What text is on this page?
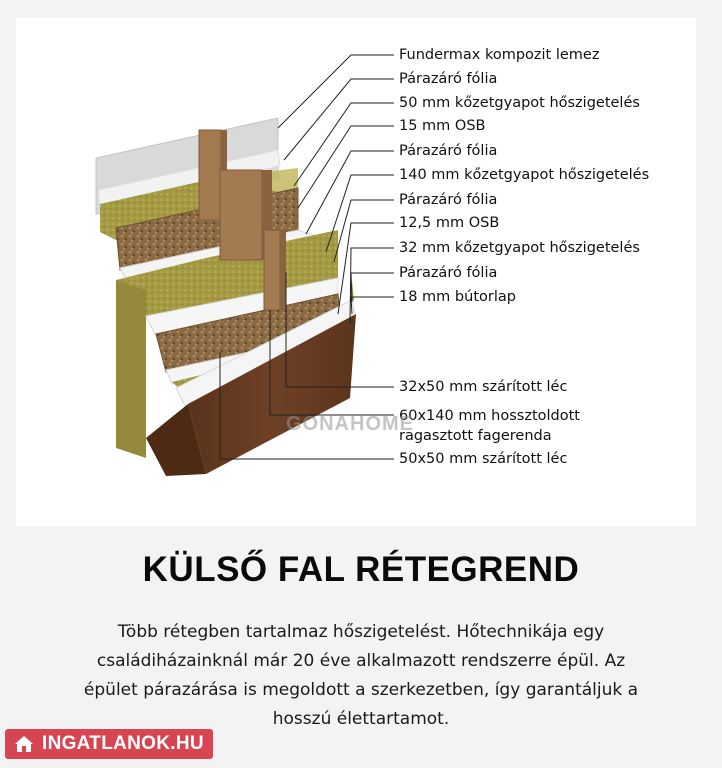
Fundermax kompozit lemez
Párazáró fólia
50 mm kőzetgyapot hőszigetelés
15 mm OSB
Párazáró fólia
140 mm kőzetgyapot hőszigetelés
Párazáró fólia
12,5 mm OSB
32 mm kőzetgyapot hőszigetelés
Párazáró fólia
18 mm bútorlap
32x50 mm szárított léc
60x140 mm hossztoldott ragasztott fagerenda
50x50 mm szárított léc
GONAHOME
KÜLSŐ FAL RÉTEGREND
Több rétegben tartalmaz hőszigetelést. Hőtechnikája egy családiházainknál már 20 éve alkalmazott rendszerre épül. Az épület párazárása is megoldott a szerkezetben, így garantáljuk a hosszú élettartamot.
INGATLANOK.HU
